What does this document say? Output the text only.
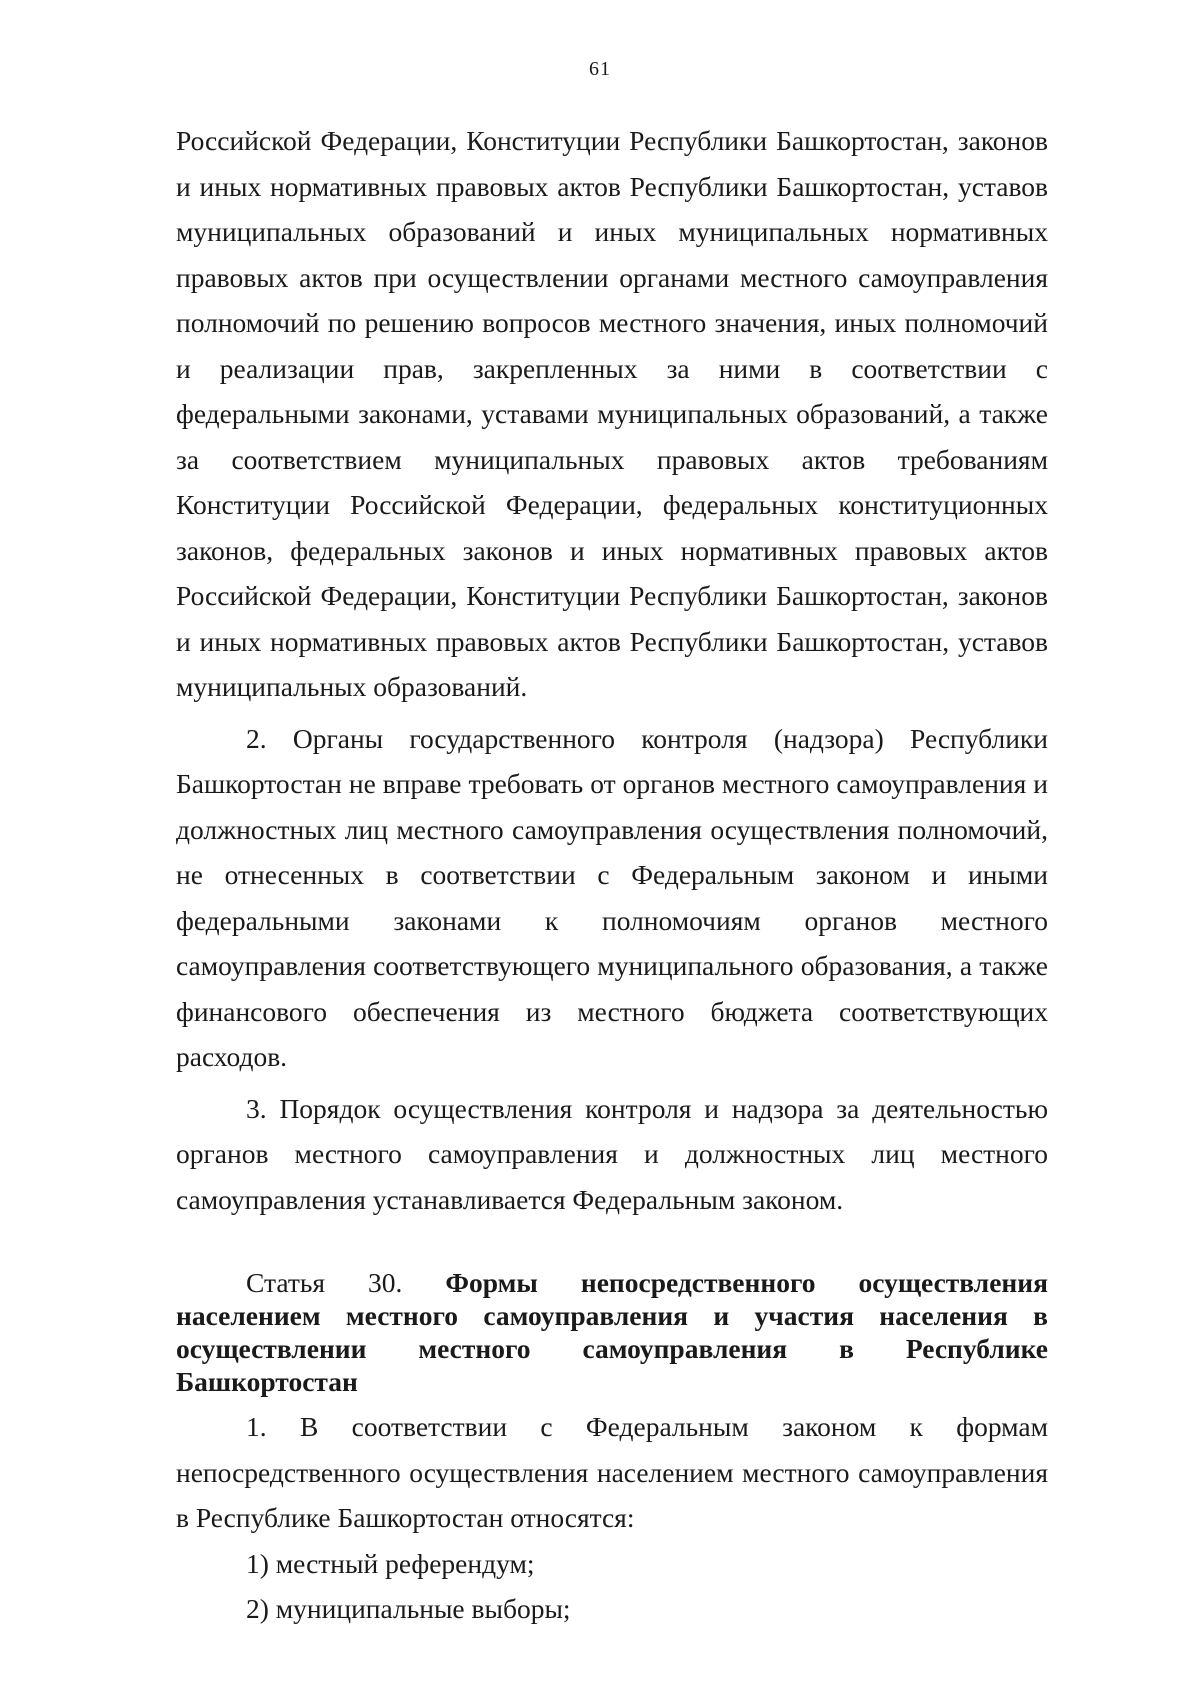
61

Российской Федерации, Конституции Республики Башкортостан, законов и иных нормативных правовых актов Республики Башкортостан, уставов муниципальных образований и иных муниципальных нормативных правовых актов при осуществлении органами местного самоуправления полномочий по решению вопросов местного значения, иных полномочий и реализации прав, закрепленных за ними в соответствии с федеральными законами, уставами муниципальных образований, а также за соответствием муниципальных правовых актов требованиям Конституции Российской Федерации, федеральных конституционных законов, федеральных законов и иных нормативных правовых актов Российской Федерации, Конституции Республики Башкортостан, законов и иных нормативных правовых актов Республики Башкортостан, уставов муниципальных образований.

2. Органы государственного контроля (надзора) Республики Башкортостан не вправе требовать от органов местного самоуправления и должностных лиц местного самоуправления осуществления полномочий, не отнесенных в соответствии с Федеральным законом и иными федеральными законами к полномочиям органов местного самоуправления соответствующего муниципального образования, а также финансового обеспечения из местного бюджета соответствующих расходов.

3. Порядок осуществления контроля и надзора за деятельностью органов местного самоуправления и должностных лиц местного самоуправления устанавливается Федеральным законом.

Статья 30. Формы непосредственного осуществления населением местного самоуправления и участия населения в осуществлении местного самоуправления в Республике Башкортостан

1. В соответствии с Федеральным законом к формам непосредственного осуществления населением местного самоуправления в Республике Башкортостан относятся:

1) местный референдум;

2) муниципальные выборы;
